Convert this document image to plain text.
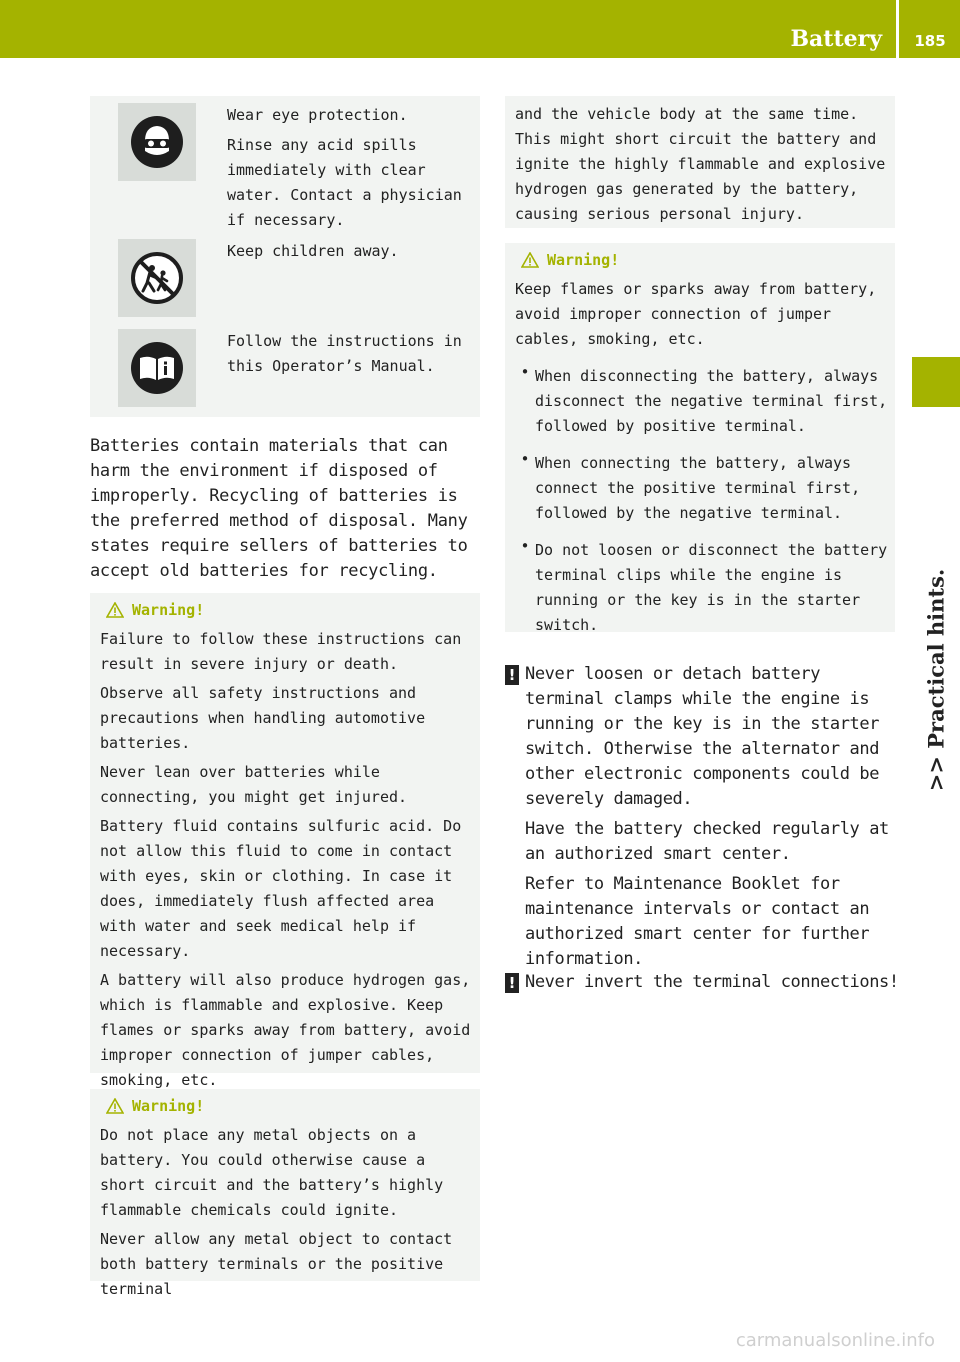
Battery	185
>> Practical hints.

Wear eye protection.

Rinse any acid spills immediately with clear water. Contact a physician if necessary.

Keep children away.

Follow the instructions in this Operator’s Manual.

Batteries contain materials that can harm the environment if disposed of improperly. Recycling of batteries is the preferred method of disposal. Many states require sellers of batteries to accept old batteries for recycling.

Warning!

Failure to follow these instructions can result in severe injury or death.

Observe all safety instructions and precautions when handling automotive batteries.

Never lean over batteries while connecting, you might get injured.

Battery fluid contains sulfuric acid. Do not allow this fluid to come in contact with eyes, skin or clothing. In case it does, immediately flush affected area with water and seek medical help if necessary.

A battery will also produce hydrogen gas, which is flammable and explosive. Keep flames or sparks away from battery, avoid improper connection of jumper cables, smoking, etc.

Warning!

Do not place any metal objects on a battery. You could otherwise cause a short circuit and the battery’s highly flammable chemicals could ignite.

Never allow any metal object to contact both battery terminals or the positive terminal

and the vehicle body at the same time. This might short circuit the battery and ignite the highly flammable and explosive hydrogen gas generated by the battery, causing serious personal injury.

Warning!

Keep flames or sparks away from battery, avoid improper connection of jumper cables, smoking, etc.

• When disconnecting the battery, always disconnect the negative terminal first, followed by positive terminal.

• When connecting the battery, always connect the positive terminal first, followed by the negative terminal.

• Do not loosen or disconnect the battery terminal clips while the engine is running or the key is in the starter switch.

! Never loosen or detach battery terminal clamps while the engine is running or the key is in the starter switch. Otherwise the alternator and other electronic components could be severely damaged.

Have the battery checked regularly at an authorized smart center.

Refer to Maintenance Booklet for maintenance intervals or contact an authorized smart center for further information.

! Never invert the terminal connections!

carmanualsonline.info
